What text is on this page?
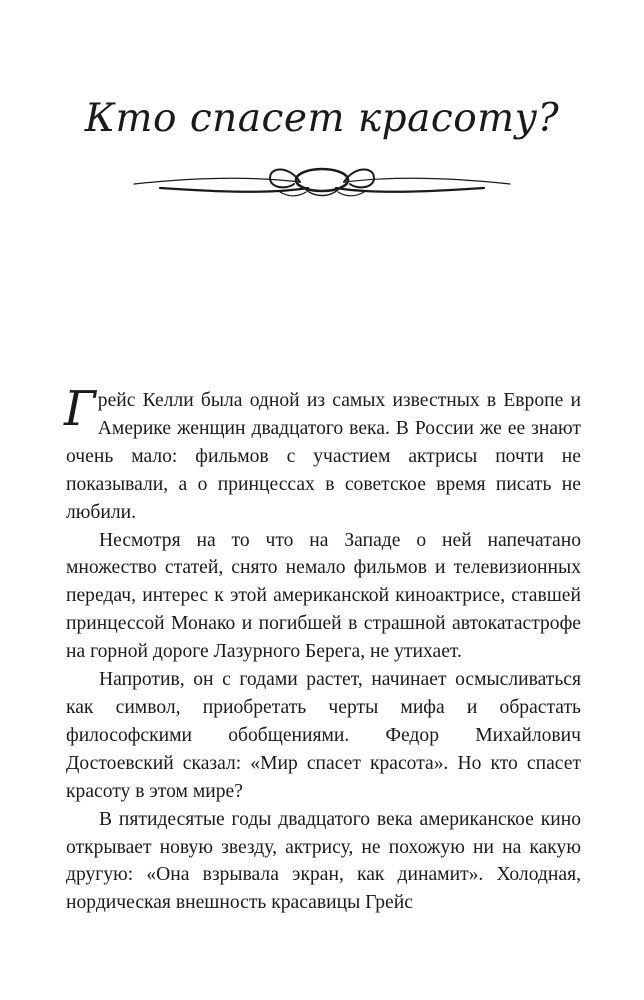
Кто спасет красоту?

Грейс Келли была одной из самых известных в Европе и Америке женщин двадцатого века. В России же ее знают очень мало: фильмов с участием актрисы почти не показывали, а о принцессах в советское время писать не любили.

Несмотря на то что на Западе о ней напечатано множество статей, снято немало фильмов и телевизионных передач, интерес к этой американской киноактрисе, ставшей принцессой Монако и погибшей в страшной автокатастрофе на горной дороге Лазурного Берега, не утихает.

Напротив, он с годами растет, начинает осмысливаться как символ, приобретать черты мифа и обрастать философскими обобщениями. Федор Михайлович Достоевский сказал: «Мир спасет красота». Но кто спасет красоту в этом мире?

В пятидесятые годы двадцатого века американское кино открывает новую звезду, актрису, не похожую ни на какую другую: «Она взрывала экран, как динамит». Холодная, нордическая внешность красавицы Грейс
